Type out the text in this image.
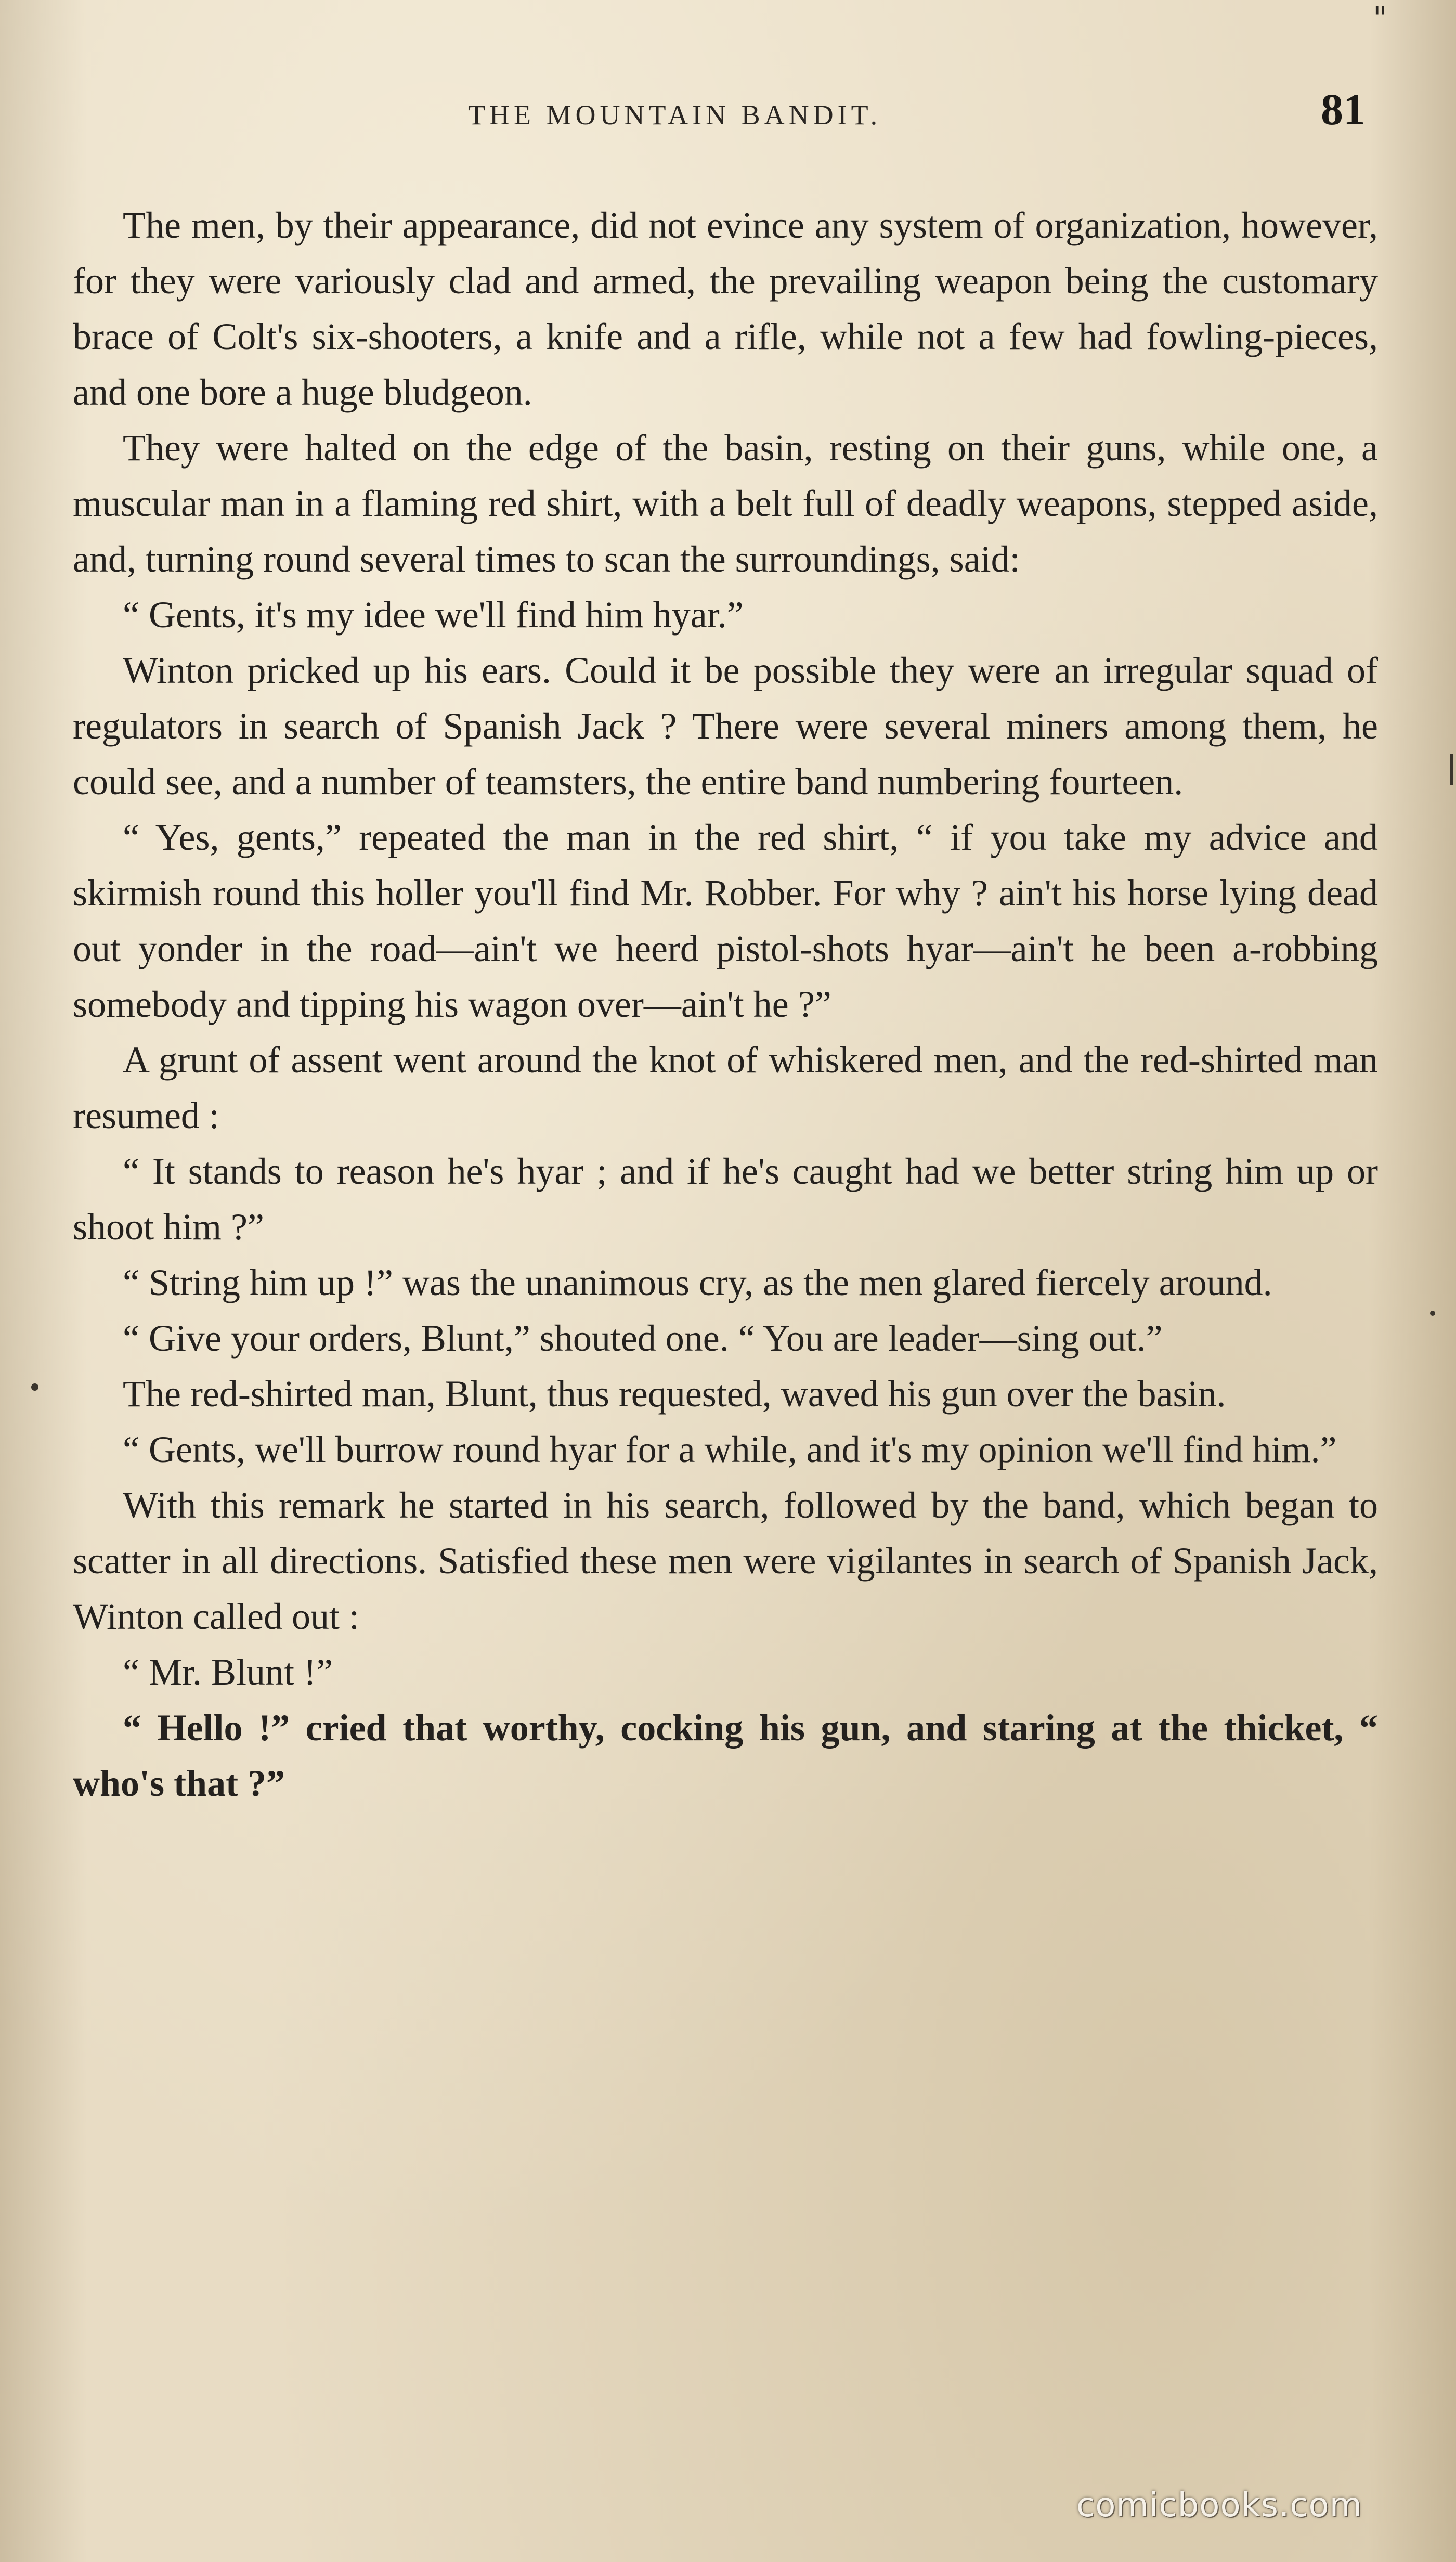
THE MOUNTAIN BANDIT.	81
"

The men, by their appearance, did not evince any system of organization, however, for they were variously clad and armed, the prevailing weapon being the customary brace of Colt's six-shooters, a knife and a rifle, while not a few had fowling-pieces, and one bore a huge bludgeon.

They were halted on the edge of the basin, resting on their guns, while one, a muscular man in a flaming red shirt, with a belt full of deadly weapons, stepped aside, and, turning round several times to scan the surroundings, said:

“ Gents, it's my idee we'll find him hyar.”

Winton pricked up his ears. Could it be possible they were an irregular squad of regulators in search of Spanish Jack ? There were several miners among them, he could see, and a number of teamsters, the entire band numbering fourteen.

“ Yes, gents,” repeated the man in the red shirt, “ if you take my advice and skirmish round this holler you'll find Mr. Robber. For why ? ain't his horse lying dead out yonder in the road—ain't we heerd pistol-shots hyar—ain't he been a-robbing somebody and tipping his wagon over—ain't he ?”

A grunt of assent went around the knot of whiskered men, and the red-shirted man resumed :

“ It stands to reason he's hyar ; and if he's caught had we better string him up or shoot him ?”

“ String him up !” was the unanimous cry, as the men glared fiercely around.

“ Give your orders, Blunt,” shouted one. “ You are leader—sing out.”

The red-shirted man, Blunt, thus requested, waved his gun over the basin.

“ Gents, we'll burrow round hyar for a while, and it's my opinion we'll find him.”

With this remark he started in his search, followed by the band, which began to scatter in all directions. Satisfied these men were vigilantes in search of Spanish Jack, Winton called out :

“ Mr. Blunt !”

“ Hello !” cried that worthy, cocking his gun, and staring at the thicket, “ who's that ?”

comicbooks.com
